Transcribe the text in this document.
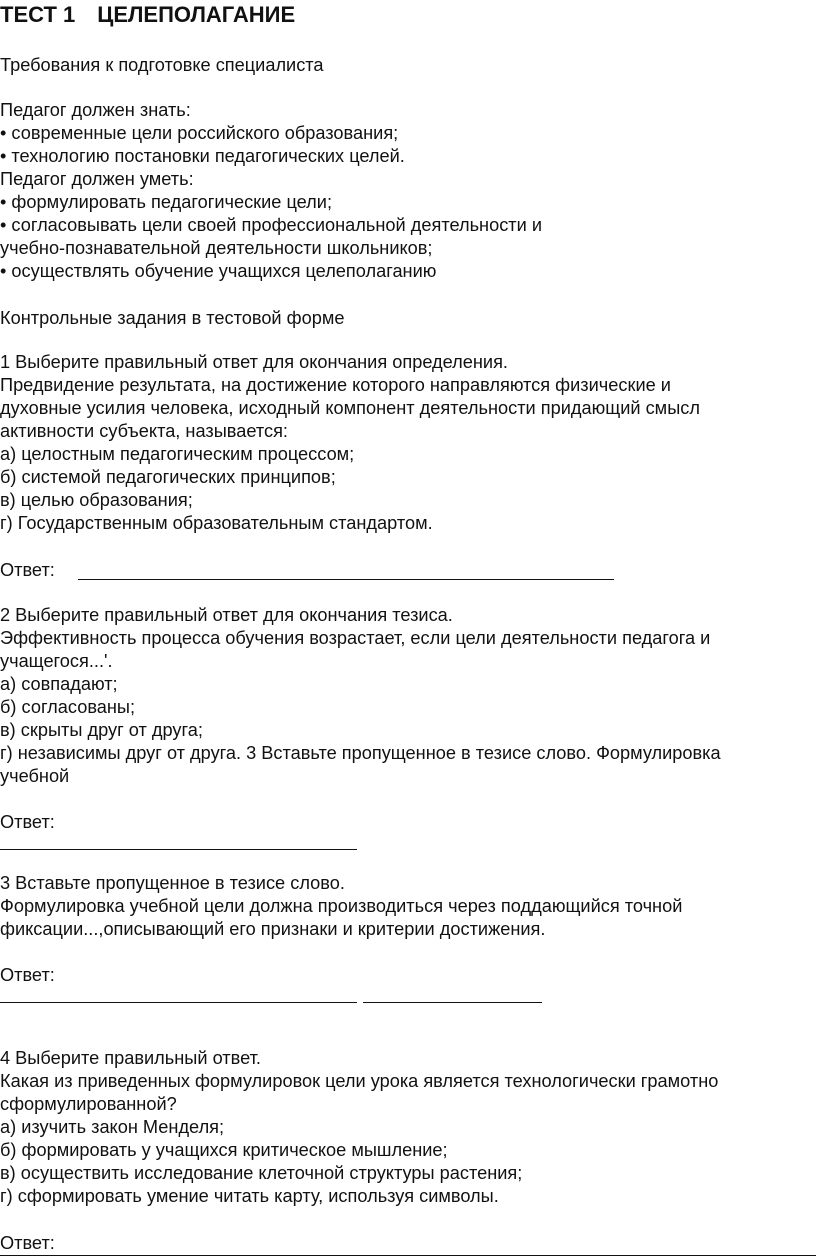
ТЕСТ 1 ЦЕЛЕПОЛАГАНИЕ
Требования к подготовке специалиста
Педагог должен знать:
• современные цели российского образования;
• технологию постановки педагогических целей.
Педагог должен уметь:
• формулировать педагогические цели;
• согласовывать цели своей профессиональной деятельности и
учебно-познавательной деятельности школьников;
• осуществлять обучение учащихся целеполаганию
Контрольные задания в тестовой форме
1 Выберите правильный ответ для окончания определения.
Предвидение результата, на достижение которого направляются физические и
духовные усилия человека, исходный компонент деятельности придающий смысл
активности субъекта, называется:
а) целостным педагогическим процессом;
б) системой педагогических принципов;
в) целью образования;
г) Государственным образовательным стандартом.
Ответ:
2 Выберите правильный ответ для окончания тезиса.
Эффективность процесса обучения возрастает, если цели деятельности педагога и
учащегося...'.
а) совпадают;
б) согласованы;
в) скрыты друг от друга;
г) независимы друг от друга. 3 Вставьте пропущенное в тезисе слово. Формулировка
учебной
Ответ:
3 Вставьте пропущенное в тезисе слово.
Формулировка учебной цели должна производиться через поддающийся точной
фиксации...,описывающий его признаки и критерии достижения.
Ответ:
4 Выберите правильный ответ.
Какая из приведенных формулировок цели урока является технологически грамотно
сформулированной?
а) изучить закон Менделя;
б) формировать у учащихся критическое мышление;
в) осуществить исследование клеточной структуры растения;
г) сформировать умение читать карту, используя символы.
Ответ:
